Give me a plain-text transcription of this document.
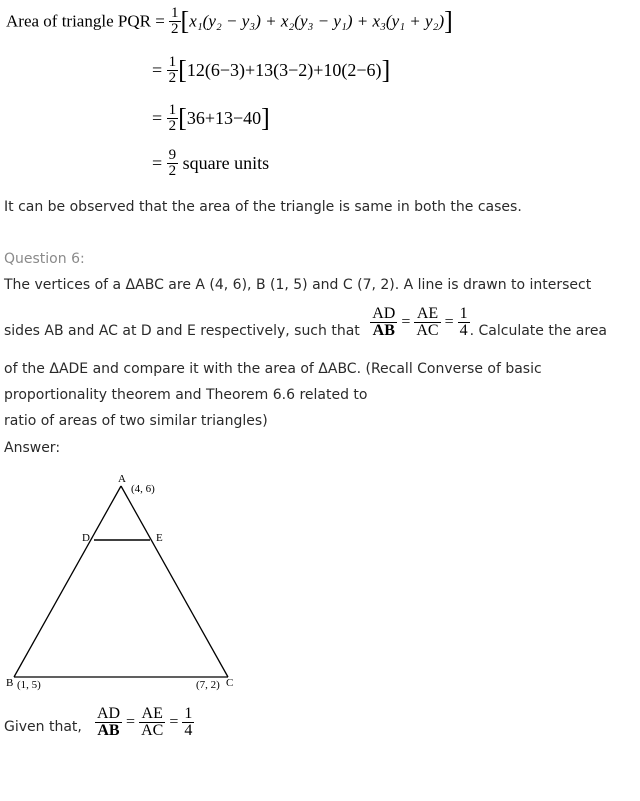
Area of triangle PQR = $\frac{1}{2} [x_1(y_2 - y_3) + x_2(y_3 - y_1) + x_3(y_1 + y_2)]$
= $\frac{1}{2} [12(6-3)+13(3-2)+10(2-6)]$
= $\frac{1}{2} [36+13-40]$
= $\frac{9}{2}$ square units
It can be observed that the area of the triangle is same in both the cases.
Question 6:
The vertices of a ΔABC are A (4, 6), B (1, 5) and C (7, 2). A line is drawn to intersect
sides AB and AC at D and E respectively, such that $\frac{AD}{AB} = \frac{AE}{AC} = \frac{1}{4}$ . Calculate the area
of the ΔADE and compare it with the area of ΔABC. (Recall Converse of basic
proportionality theorem and Theorem 6.6 related to
ratio of areas of two similar triangles)
Answer:
A
(4, 6)
D	E
B (1, 5)	(7, 2) C
Given that, $\frac{AD}{AB} = \frac{AE}{AC} = \frac{1}{4}$
